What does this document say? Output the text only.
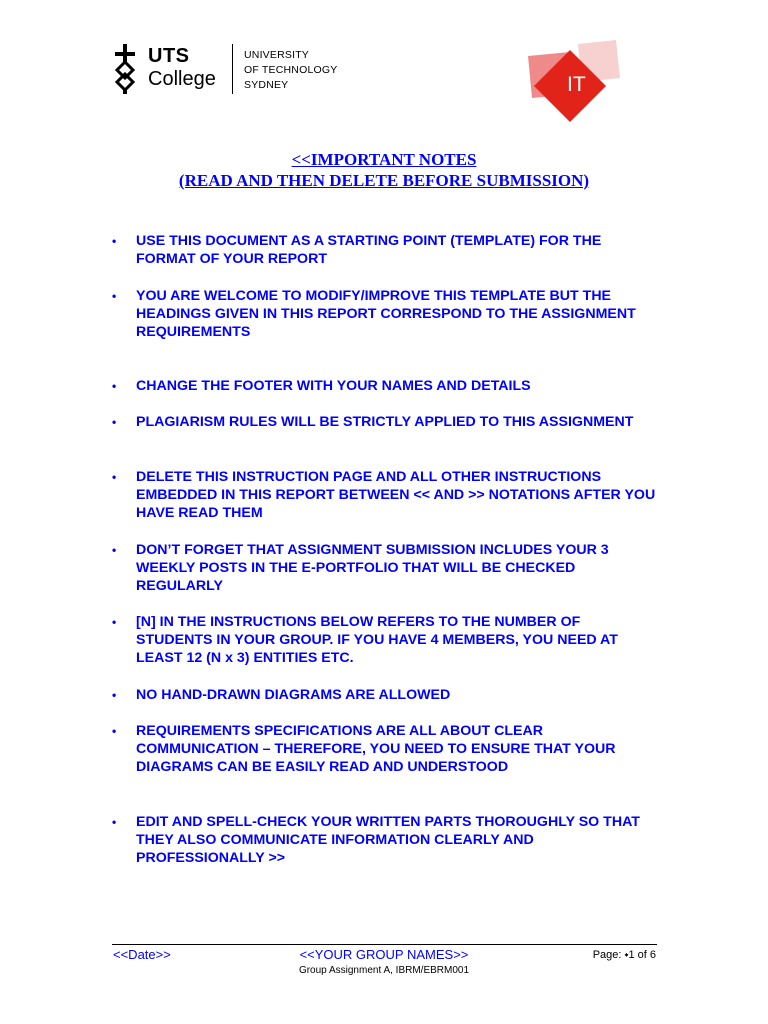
UTS
College
UNIVERSITY
OF TECHNOLOGY
SYDNEY	IT
<<IMPORTANT NOTES
(READ AND THEN DELETE BEFORE SUBMISSION)
•	USE THIS DOCUMENT AS A STARTING POINT (TEMPLATE) FOR THE FORMAT OF YOUR REPORT
•	YOU ARE WELCOME TO MODIFY/IMPROVE THIS TEMPLATE BUT THE HEADINGS GIVEN IN THIS REPORT CORRESPOND TO THE ASSIGNMENT REQUIREMENTS
•	CHANGE THE FOOTER WITH YOUR NAMES AND DETAILS
•	PLAGIARISM RULES WILL BE STRICTLY APPLIED TO THIS ASSIGNMENT
•	DELETE THIS INSTRUCTION PAGE AND ALL OTHER INSTRUCTIONS EMBEDDED IN THIS REPORT BETWEEN << AND >> NOTATIONS AFTER YOU HAVE READ THEM
•	DON’T FORGET THAT ASSIGNMENT SUBMISSION INCLUDES YOUR 3 WEEKLY POSTS IN THE E-PORTFOLIO THAT WILL BE CHECKED REGULARLY
•	[N] IN THE INSTRUCTIONS BELOW REFERS TO THE NUMBER OF STUDENTS IN YOUR GROUP. IF YOU HAVE 4 MEMBERS, YOU NEED AT LEAST 12 (N x 3) ENTITIES ETC.
•	NO HAND-DRAWN DIAGRAMS ARE ALLOWED
•	REQUIREMENTS SPECIFICATIONS ARE ALL ABOUT CLEAR COMMUNICATION – THEREFORE, YOU NEED TO ENSURE THAT YOUR DIAGRAMS CAN BE EASILY READ AND UNDERSTOOD
•	EDIT AND SPELL-CHECK YOUR WRITTEN PARTS THOROUGHLY SO THAT THEY ALSO COMMUNICATE INFORMATION CLEARLY AND PROFESSIONALLY >>
<<Date>>	<<YOUR GROUP NAMES>>	Page: ⬩1 of 6
Group Assignment A, IBRM/EBRM001
